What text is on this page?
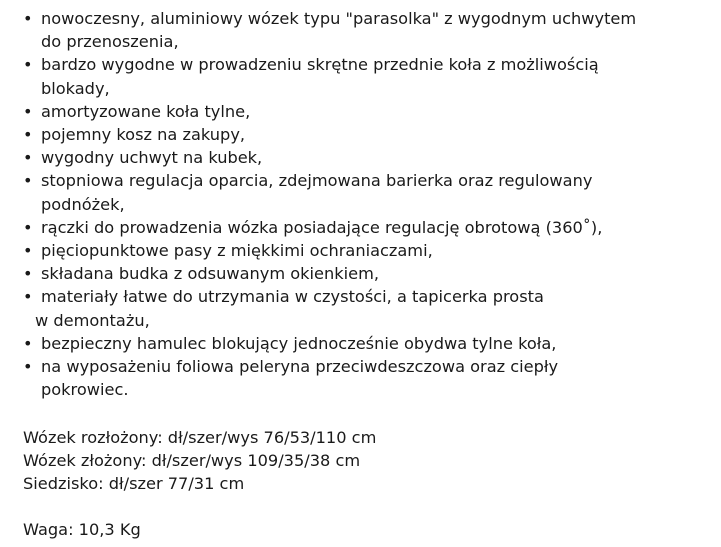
• nowoczesny, aluminiowy wózek typu "parasolka" z wygodnym uchwytem
do przenoszenia,
• bardzo wygodne w prowadzeniu skrętne przednie koła z możliwością
blokady,
• amortyzowane koła tylne,
• pojemny kosz na zakupy,
• wygodny uchwyt na kubek,
• stopniowa regulacja oparcia, zdejmowana barierka oraz regulowany
podnóżek,
• rączki do prowadzenia wózka posiadające regulację obrotową (360˚),
• pięciopunktowe pasy z miękkimi ochraniaczami,
• składana budka z odsuwanym okienkiem,
• materiały łatwe do utrzymania w czystości, a tapicerka prosta
w demontażu,
• bezpieczny hamulec blokujący jednocześnie obydwa tylne koła,
• na wyposażeniu foliowa peleryna przeciwdeszczowa oraz ciepły
pokrowiec.
Wózek rozłożony: dł/szer/wys 76/53/110 cm
Wózek złożony: dł/szer/wys 109/35/38 cm
Siedzisko: dł/szer 77/31 cm
Waga: 10,3 Kg
